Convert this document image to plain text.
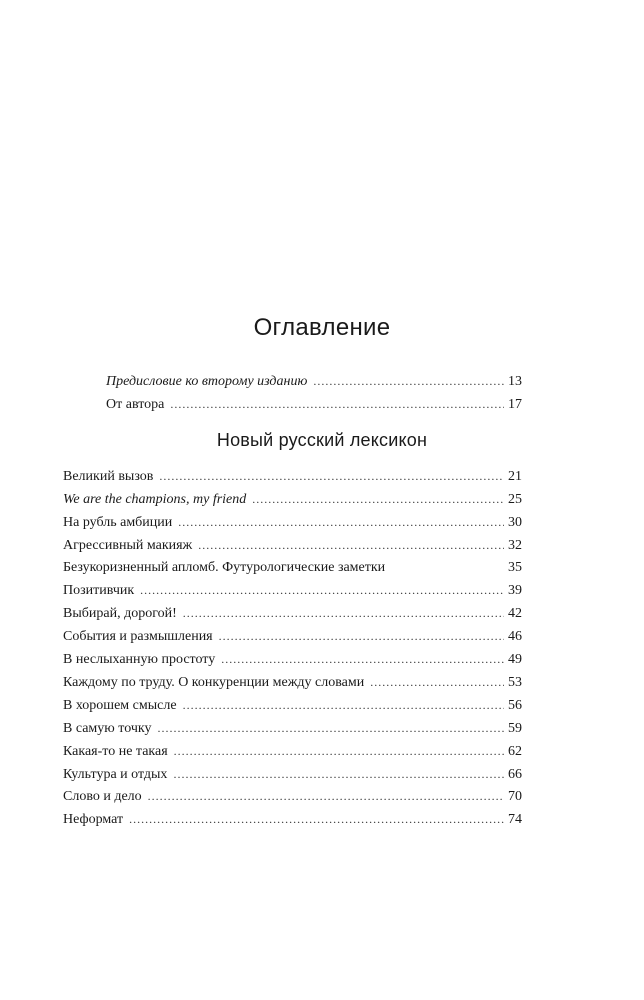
Оглавление
Предисловие ко второму изданию . . .	13
От автора . . .	17
Новый русский лексикон
Великий вызов . . .	21
We are the champions, my friend . . .	25
На рубль амбиции . . .	30
Агрессивный макияж . . .	32
Безукоризненный апломб. Футурологические заметки	35
Позитивчик . . .	39
Выбирай, дорогой! . . .	42
События и размышления . . .	46
В неслыханную простоту . . .	49
Каждому по труду. О конкуренции между словами . . .	53
В хорошем смысле . . .	56
В самую точку . . .	59
Какая-то не такая . . .	62
Культура и отдых . . .	66
Слово и дело . . .	70
Неформат . . .	74
